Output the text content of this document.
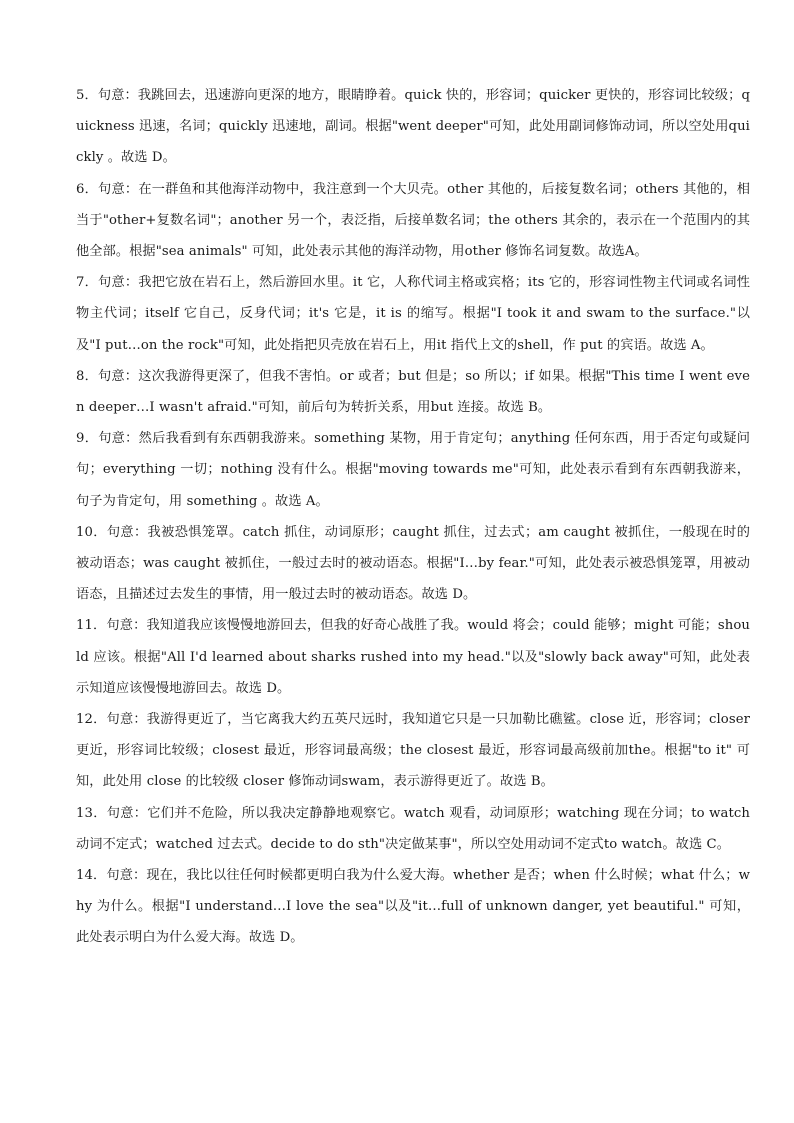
5．句意：我跳回去，迅速游向更深的地方，眼睛睁着。quick 快的，形容词；quicker 更快的，形容词比较级；quickness 迅速，名词；quickly 迅速地，副词。根据"went deeper"可知，此处用副词修饰动词，所以空处用quickly 。故选 D。

6．句意：在一群鱼和其他海洋动物中，我注意到一个大贝壳。other 其他的，后接复数名词；others 其他的，相当于"other+复数名词"；another 另一个，表泛指，后接单数名词；the others 其余的，表示在一个范围内的其他全部。根据"sea animals" 可知，此处表示其他的海洋动物，用other 修饰名词复数。故选A。

7．句意：我把它放在岩石上，然后游回水里。it 它，人称代词主格或宾格；its 它的，形容词性物主代词或名词性物主代词；itself 它自己，反身代词；it's 它是，it is 的缩写。根据"I took it and swam to the surface."以及"I put…on the rock"可知，此处指把贝壳放在岩石上，用it 指代上文的shell，作 put 的宾语。故选 A。

8．句意：这次我游得更深了，但我不害怕。or 或者；but 但是；so 所以；if 如果。根据"This time I went even deeper…I wasn't afraid."可知，前后句为转折关系，用but 连接。故选 B。

9．句意：然后我看到有东西朝我游来。something 某物，用于肯定句；anything 任何东西，用于否定句或疑问句；everything 一切；nothing 没有什么。根据"moving towards me"可知，此处表示看到有东西朝我游来，句子为肯定句，用 something 。故选 A。

10．句意：我被恐惧笼罩。catch 抓住，动词原形；caught 抓住，过去式；am caught 被抓住，一般现在时的被动语态；was caught 被抓住，一般过去时的被动语态。根据"I…by fear."可知，此处表示被恐惧笼罩，用被动语态，且描述过去发生的事情，用一般过去时的被动语态。故选 D。

11．句意：我知道我应该慢慢地游回去，但我的好奇心战胜了我。would 将会；could 能够；might 可能；should 应该。根据"All I'd learned about sharks rushed into my head."以及"slowly back away"可知，此处表示知道应该慢慢地游回去。故选 D。

12．句意：我游得更近了，当它离我大约五英尺远时，我知道它只是一只加勒比礁鲨。close 近，形容词；closer 更近，形容词比较级；closest 最近，形容词最高级；the closest 最近，形容词最高级前加the。根据"to it" 可知，此处用 close 的比较级 closer 修饰动词swam，表示游得更近了。故选 B。

13．句意：它们并不危险，所以我决定静静地观察它。watch 观看，动词原形；watching 现在分词；to watch 动词不定式；watched 过去式。decide to do sth"决定做某事"，所以空处用动词不定式to watch。故选 C。

14．句意：现在，我比以往任何时候都更明白我为什么爱大海。whether 是否；when 什么时候；what 什么；why 为什么。根据"I understand…I love the sea"以及"it…full of unknown danger, yet beautiful." 可知，此处表示明白为什么爱大海。故选 D。
